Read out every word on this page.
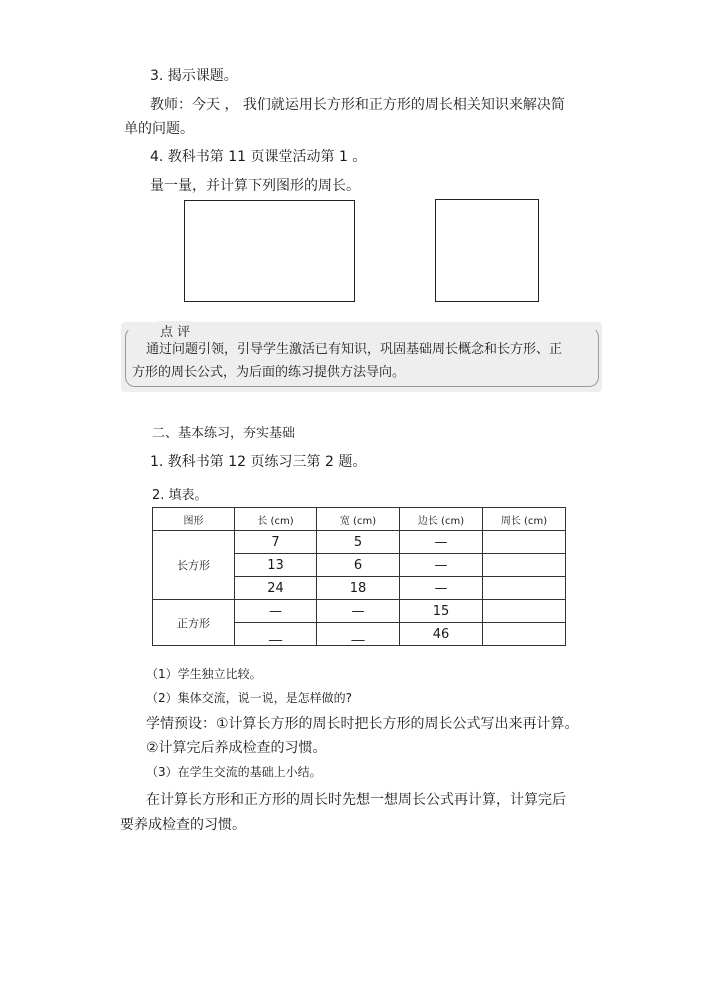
3. 揭示课题。
教师：今天 ， 我们就运用长方形和正方形的周长相关知识来解决简
单的问题。
4. 教科书第 11 页课堂活动第 1 。
量一量，并计算下列图形的周长。
点 评
通过问题引领，引导学生激活已有知识，巩固基础周长概念和长方形、正
方形的周长公式，为后面的练习提供方法导向。
二、基本练习，夯实基础
1. 教科书第 12 页练习三第 2 题。
2. 填表。
图形	长 (cm)	宽 (cm)	边长 (cm)	周长 (cm)
长方形	7	5	—	
	13	6	—	
	24	18	—	
正方形	—	—	15	
	__	__	46	
（1）学生独立比较。
（2）集体交流，说一说，是怎样做的?
学情预设：①计算长方形的周长时把长方形的周长公式写出来再计算。
②计算完后养成检查的习惯。
（3）在学生交流的基础上小结。
在计算长方形和正方形的周长时先想一想周长公式再计算，计算完后
要养成检查的习惯。
